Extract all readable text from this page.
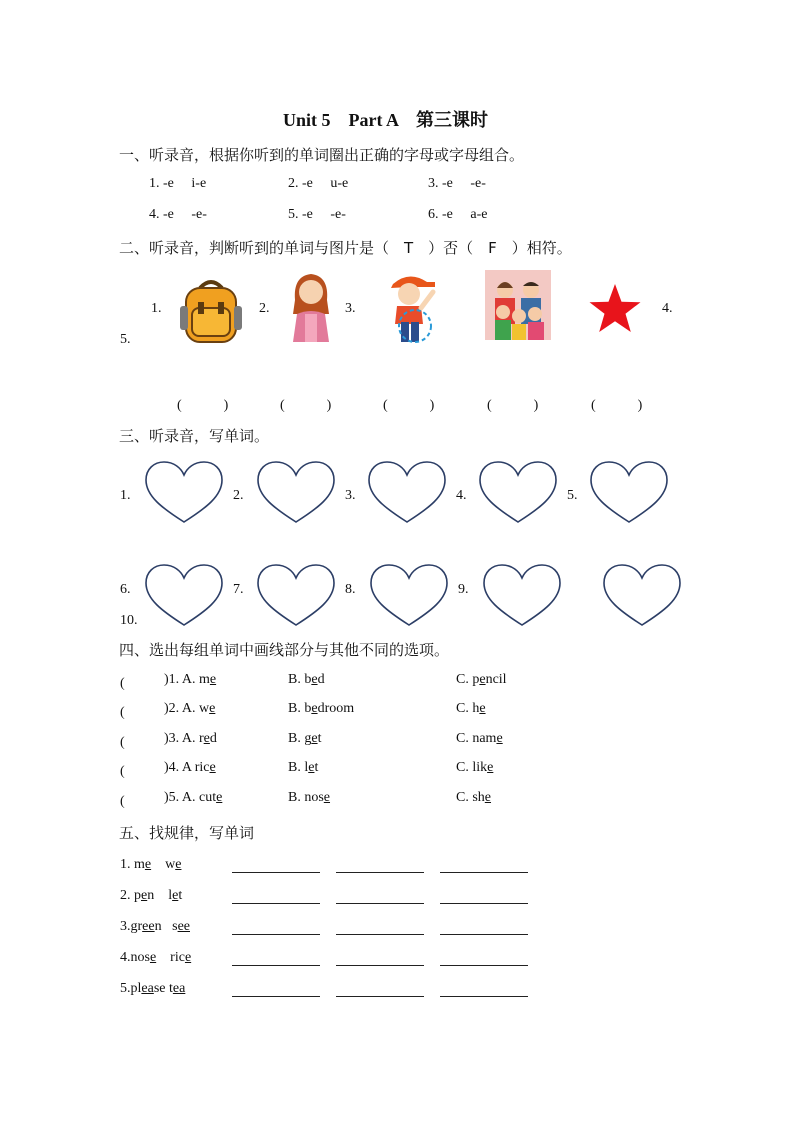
Unit 5　Part A　第三课时
一、听录音，根据你听到的单词圈出正确的字母或字母组合。
1. -e i-e	2. -e u-e	3. -e -e-
4. -e -e-	5. -e -e-	6. -e a-e
二、听录音，判断听到的单词与图片是（　T　）否（　F　）相符。
1.	2.	3.	4.
5.
(　　　)	(　　　)	(　　　)	(　　　)	(　　　)
三、听录音，写单词。
1.	2.	3.	4.	5.
6.	7.	8.	9.
10.
四、选出每组单词中画线部分与其他不同的选项。
(　　 )1. A. me	B. bed	C. pencil
(　　 )2. A. we	B. bedroom	C. he
(　　 )3. A. red	B. get	C. name
(　　 )4. A rice	B. let	C. like
(　　 )5. A. cute	B. nose	C. she
五、找规律，写单词
1. me we
2. pen let
3.green see
4.nose rice
5.please tea
